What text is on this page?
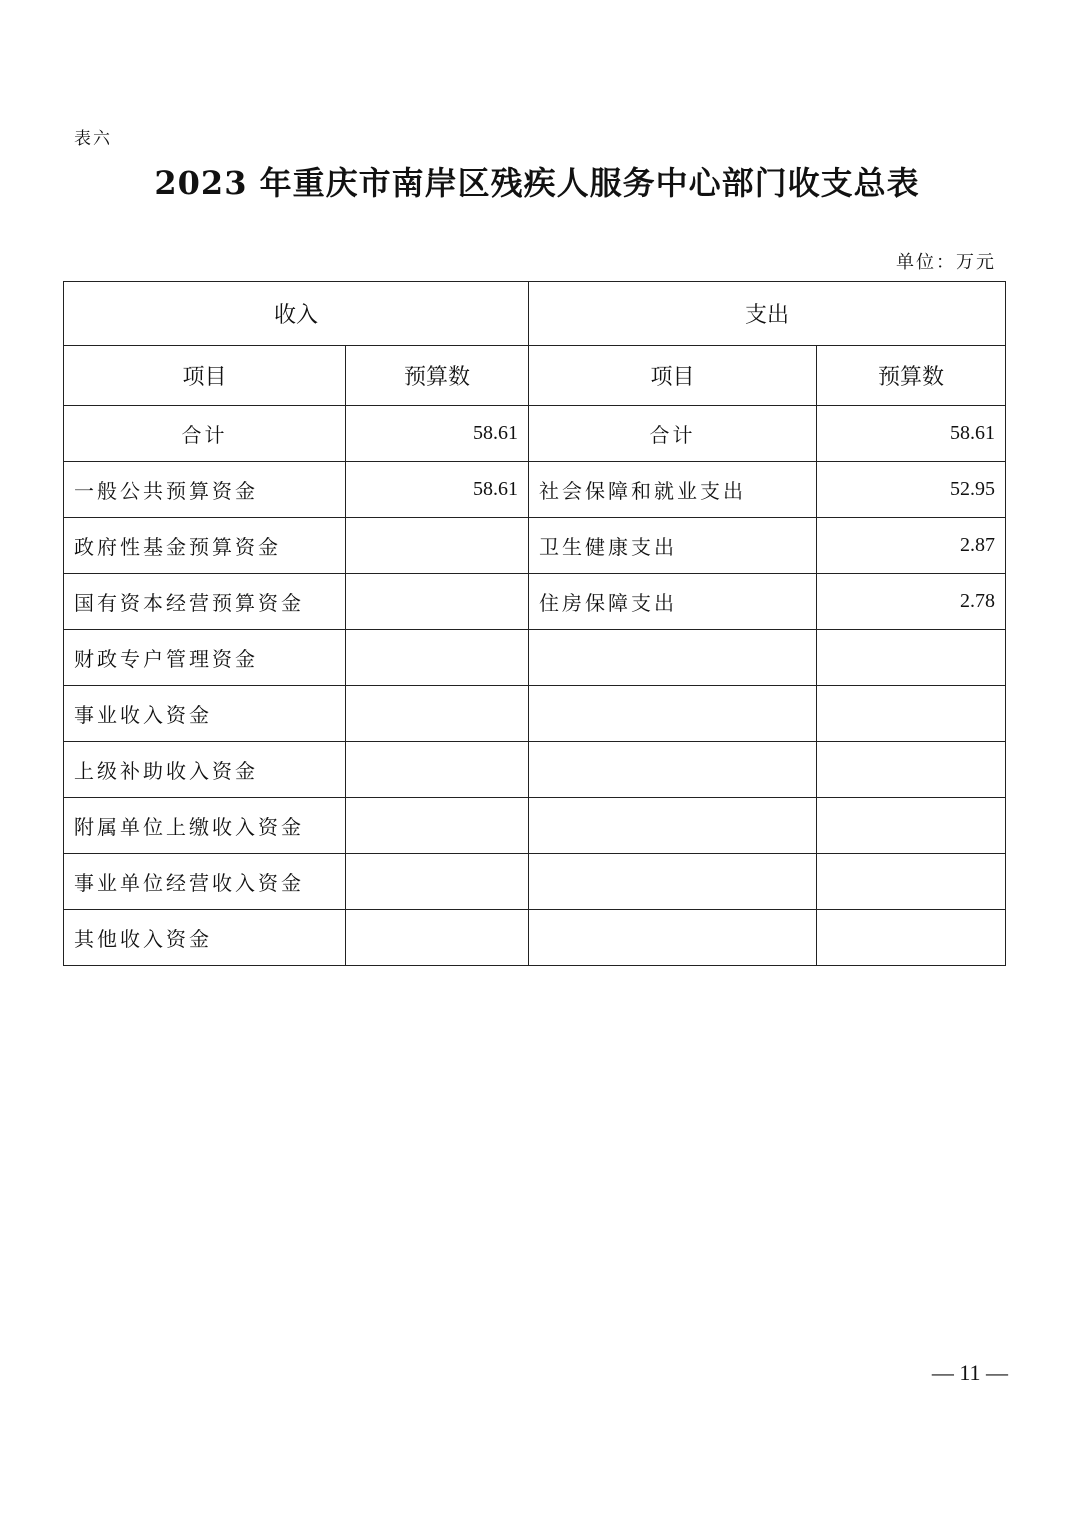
表六
2023 年重庆市南岸区残疾人服务中心部门收支总表
单位：万元
收入		支出	
项目	预算数	项目	预算数
合计	58.61	合计	58.61
一般公共预算资金	58.61	社会保障和就业支出	52.95
政府性基金预算资金		卫生健康支出	2.87
国有资本经营预算资金		住房保障支出	2.78
财政专户管理资金			
事业收入资金			
上级补助收入资金			
附属单位上缴收入资金			
事业单位经营收入资金			
其他收入资金			
— 11 —
